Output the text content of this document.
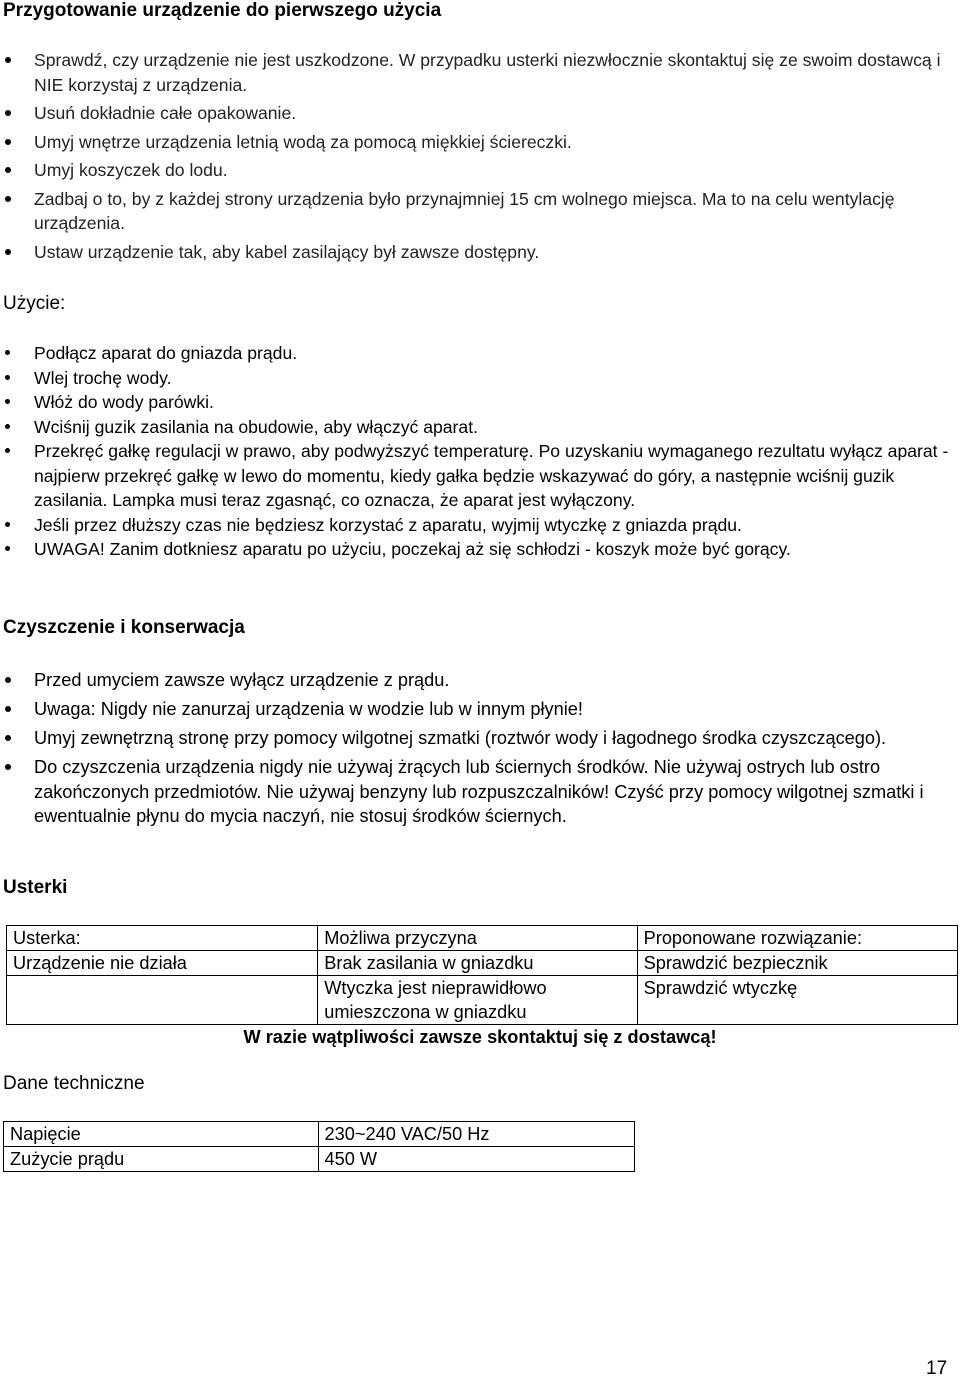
Przygotowanie urządzenie do pierwszego użycia
Sprawdź, czy urządzenie nie jest uszkodzone. W przypadku usterki niezwłocznie skontaktuj się ze swoim dostawcą i NIE korzystaj z urządzenia.
Usuń dokładnie całe opakowanie.
Umyj wnętrze urządzenia letnią wodą za pomocą miękkiej ściereczki.
Umyj koszyczek do lodu.
Zadbaj o to, by z każdej strony urządzenia było przynajmniej 15 cm wolnego miejsca. Ma to na celu wentylację urządzenia.
Ustaw urządzenie tak, aby kabel zasilający był zawsze dostępny.
Użycie:
Podłącz aparat do gniazda prądu.
Wlej trochę wody.
Włóż do wody parówki.
Wciśnij guzik zasilania na obudowie, aby włączyć aparat.
Przekręć gałkę regulacji w prawo, aby podwyższyć temperaturę. Po uzyskaniu wymaganego rezultatu wyłącz aparat - najpierw przekręć gałkę w lewo do momentu, kiedy gałka będzie wskazywać do góry, a następnie wciśnij guzik zasilania. Lampka musi teraz zgasnąć, co oznacza, że aparat jest wyłączony.
Jeśli przez dłuższy czas nie będziesz korzystać z aparatu, wyjmij wtyczkę z gniazda prądu.
UWAGA! Zanim dotkniesz aparatu po użyciu, poczekaj aż się schłodzi - koszyk może być gorący.
Czyszczenie i konserwacja
Przed umyciem zawsze wyłącz urządzenie z prądu.
Uwaga: Nigdy nie zanurzaj urządzenia w wodzie lub w innym płynie!
Umyj zewnętrzną stronę przy pomocy wilgotnej szmatki (roztwór wody i łagodnego środka czyszczącego).
Do czyszczenia urządzenia nigdy nie używaj żrących lub ściernych środków. Nie używaj ostrych lub ostro zakończonych przedmiotów. Nie używaj benzyny lub rozpuszczalników! Czyść przy pomocy wilgotnej szmatki i ewentualnie płynu do mycia naczyń, nie stosuj środków ściernych.
Usterki
Usterka:	Możliwa przyczyna	Proponowane rozwiązanie:
Urządzenie nie działa	Brak zasilania w gniazdku	Sprawdzić bezpiecznik
	Wtyczka jest nieprawidłowo umieszczona w gniazdku	Sprawdzić wtyczkę
W razie wątpliwości zawsze skontaktuj się z dostawcą!
Dane techniczne
Napięcie	230~240 VAC/50 Hz
Zużycie prądu	450 W
17
